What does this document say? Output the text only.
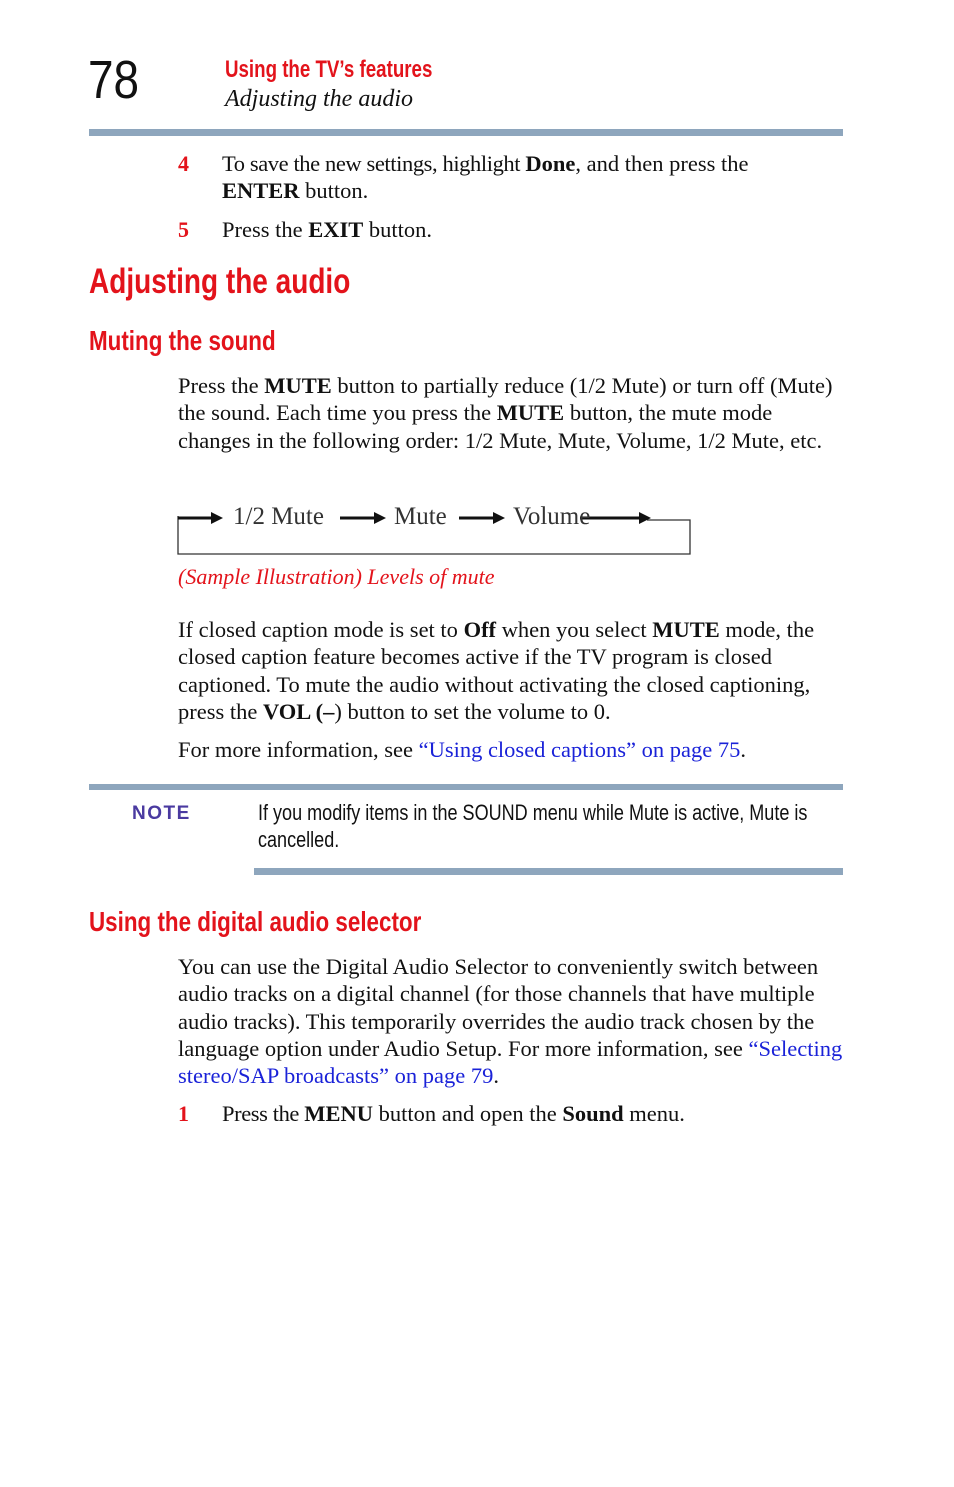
78	Using the TV’s features
Adjusting the audio
4 To save the new settings, highlight Done, and then press the
ENTER button.
5 Press the EXIT button.
Adjusting the audio
Muting the sound
Press the MUTE button to partially reduce (1/2 Mute) or turn off (Mute) the sound. Each time you press the MUTE button, the mute mode changes in the following order: 1/2 Mute, Mute, Volume, 1/2 Mute, etc.
1/2 Mute	Mute	Volume
(Sample Illustration) Levels of mute
If closed caption mode is set to Off when you select MUTE mode, the closed caption feature becomes active if the TV program is closed captioned. To mute the audio without activating the closed captioning, press the VOL (–) button to set the volume to 0.
For more information, see “Using closed captions” on page 75.
NOTE	If you modify items in the SOUND menu while Mute is active, Mute is cancelled.
Using the digital audio selector
You can use the Digital Audio Selector to conveniently switch between audio tracks on a digital channel (for those channels that have multiple audio tracks). This temporarily overrides the audio track chosen by the language option under Audio Setup. For more information, see “Selecting stereo/SAP broadcasts” on page 79.
1 Press the MENU button and open the Sound menu.
